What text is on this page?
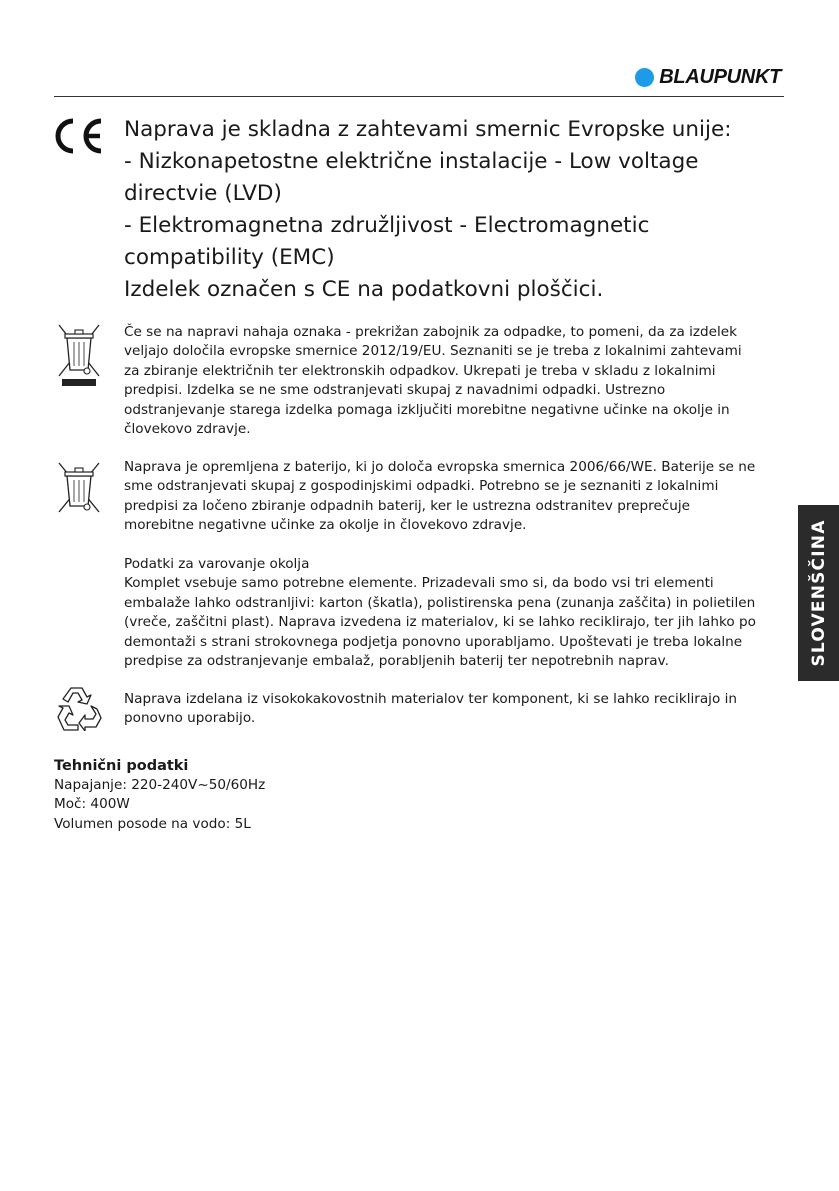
BLAUPUNKT
Naprava je skladna z zahtevami smernic Evropske unije:
- Nizkonapetostne električne instalacije - Low voltage
directvie (LVD)
- Elektromagnetna združljivost - Electromagnetic
compatibility (EMC)
Izdelek označen s CE na podatkovni ploščici.
Če se na napravi nahaja oznaka - prekrižan zabojnik za odpadke, to pomeni, da za izdelek
veljajo določila evropske smernice 2012/19/EU. Seznaniti se je treba z lokalnimi zahtevami
za zbiranje električnih ter elektronskih odpadkov. Ukrepati je treba v skladu z lokalnimi
predpisi. Izdelka se ne sme odstranjevati skupaj z navadnimi odpadki. Ustrezno
odstranjevanje starega izdelka pomaga izključiti morebitne negativne učinke na okolje in
človekovo zdravje.
Naprava je opremljena z baterijo, ki jo določa evropska smernica 2006/66/WE. Baterije se ne
sme odstranjevati skupaj z gospodinjskimi odpadki. Potrebno se je seznaniti z lokalnimi
predpisi za ločeno zbiranje odpadnih baterij, ker le ustrezna odstranitev preprečuje
morebitne negativne učinke za okolje in človekovo zdravje.
Podatki za varovanje okolja
Komplet vsebuje samo potrebne elemente. Prizadevali smo si, da bodo vsi tri elementi
embalaže lahko odstranljivi: karton (škatla), polistirenska pena (zunanja zaščita) in polietilen
(vreče, zaščitni plast). Naprava izvedena iz materialov, ki se lahko reciklirajo, ter jih lahko po
demontaži s strani strokovnega podjetja ponovno uporabljamo. Upoštevati je treba lokalne
predpise za odstranjevanje embalaž, porabljenih baterij ter nepotrebnih naprav.
Naprava izdelana iz visokokakovostnih materialov ter komponent, ki se lahko reciklirajo in
ponovno uporabijo.
Tehnični podatki
Napajanje: 220-240V~50/60Hz
Moč: 400W
Volumen posode na vodo: 5L
SLOVENŠČINA
